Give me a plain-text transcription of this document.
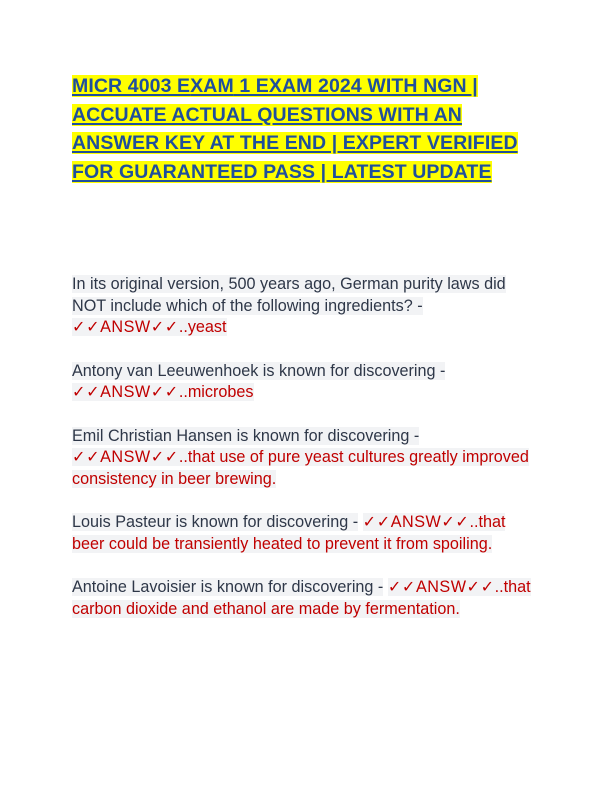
MICR 4003 EXAM 1 EXAM 2024 WITH NGN | ACCUATE ACTUAL QUESTIONS WITH AN ANSWER KEY AT THE END | EXPERT VERIFIED FOR GUARANTEED PASS | LATEST UPDATE

In its original version, 500 years ago, German purity laws did NOT include which of the following ingredients? - ✓✓ANSW✓✓..yeast

Antony van Leeuwenhoek is known for discovering - ✓✓ANSW✓✓..microbes

Emil Christian Hansen is known for discovering - ✓✓ANSW✓✓..that use of pure yeast cultures greatly improved consistency in beer brewing.

Louis Pasteur is known for discovering - ✓✓ANSW✓✓..that beer could be transiently heated to prevent it from spoiling.

Antoine Lavoisier is known for discovering - ✓✓ANSW✓✓..that carbon dioxide and ethanol are made by fermentation.
